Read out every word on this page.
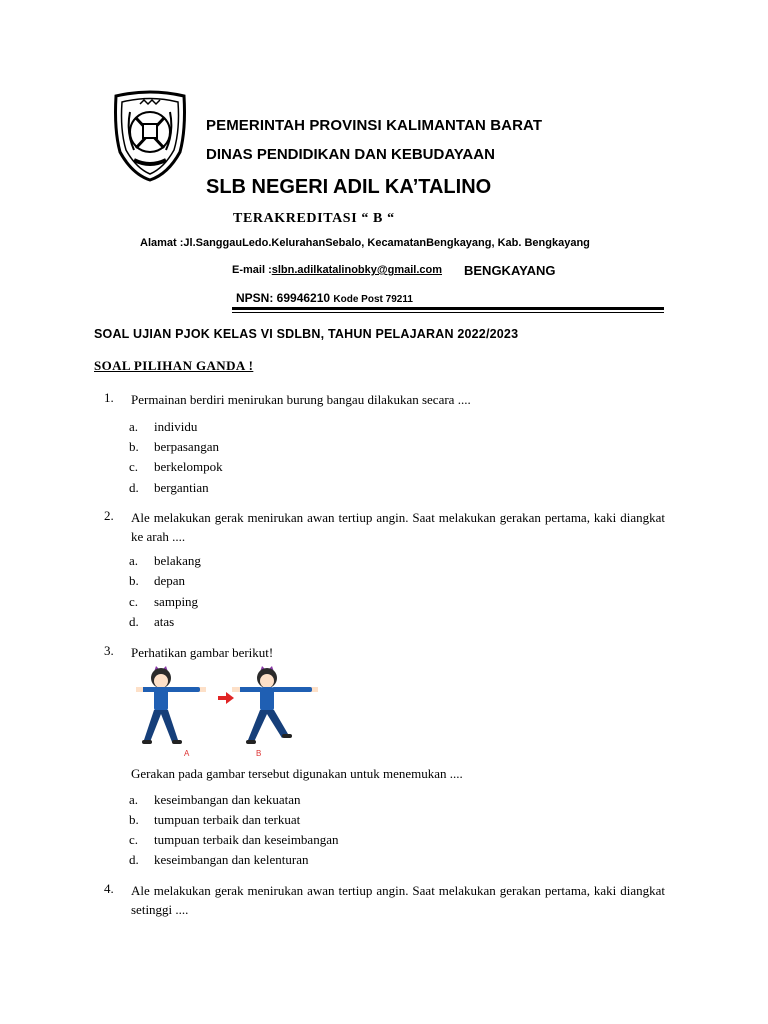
PEMERINTAH PROVINSI KALIMANTAN BARAT
DINAS PENDIDIKAN DAN KEBUDAYAAN
SLB NEGERI ADIL KA’TALINO
TERAKREDITASI “ B “
Alamat :Jl.SanggauLedo.KelurahanSebalo, KecamatanBengkayang, Kab. Bengkayang
E-mail :slbn.adilkatalinobky@gmail.com BENGKAYANG
NPSN: 69946210 Kode Post 79211
SOAL UJIAN PJOK KELAS VI SDLBN, TAHUN PELAJARAN 2022/2023
SOAL PILIHAN GANDA !
1. Permainan berdiri menirukan burung bangau dilakukan secara ....
a. individu
b. berpasangan
c. berkelompok
d. bergantian
2. Ale melakukan gerak menirukan awan tertiup angin. Saat melakukan gerakan pertama, kaki diangkat ke arah ....
a. belakang
b. depan
c. samping
d. atas
3. Perhatikan gambar berikut!
A	B
Gerakan pada gambar tersebut digunakan untuk menemukan ....
a. keseimbangan dan kekuatan
b. tumpuan terbaik dan terkuat
c. tumpuan terbaik dan keseimbangan
d. keseimbangan dan kelenturan
4. Ale melakukan gerak menirukan awan tertiup angin. Saat melakukan gerakan pertama, kaki diangkat setinggi ....
